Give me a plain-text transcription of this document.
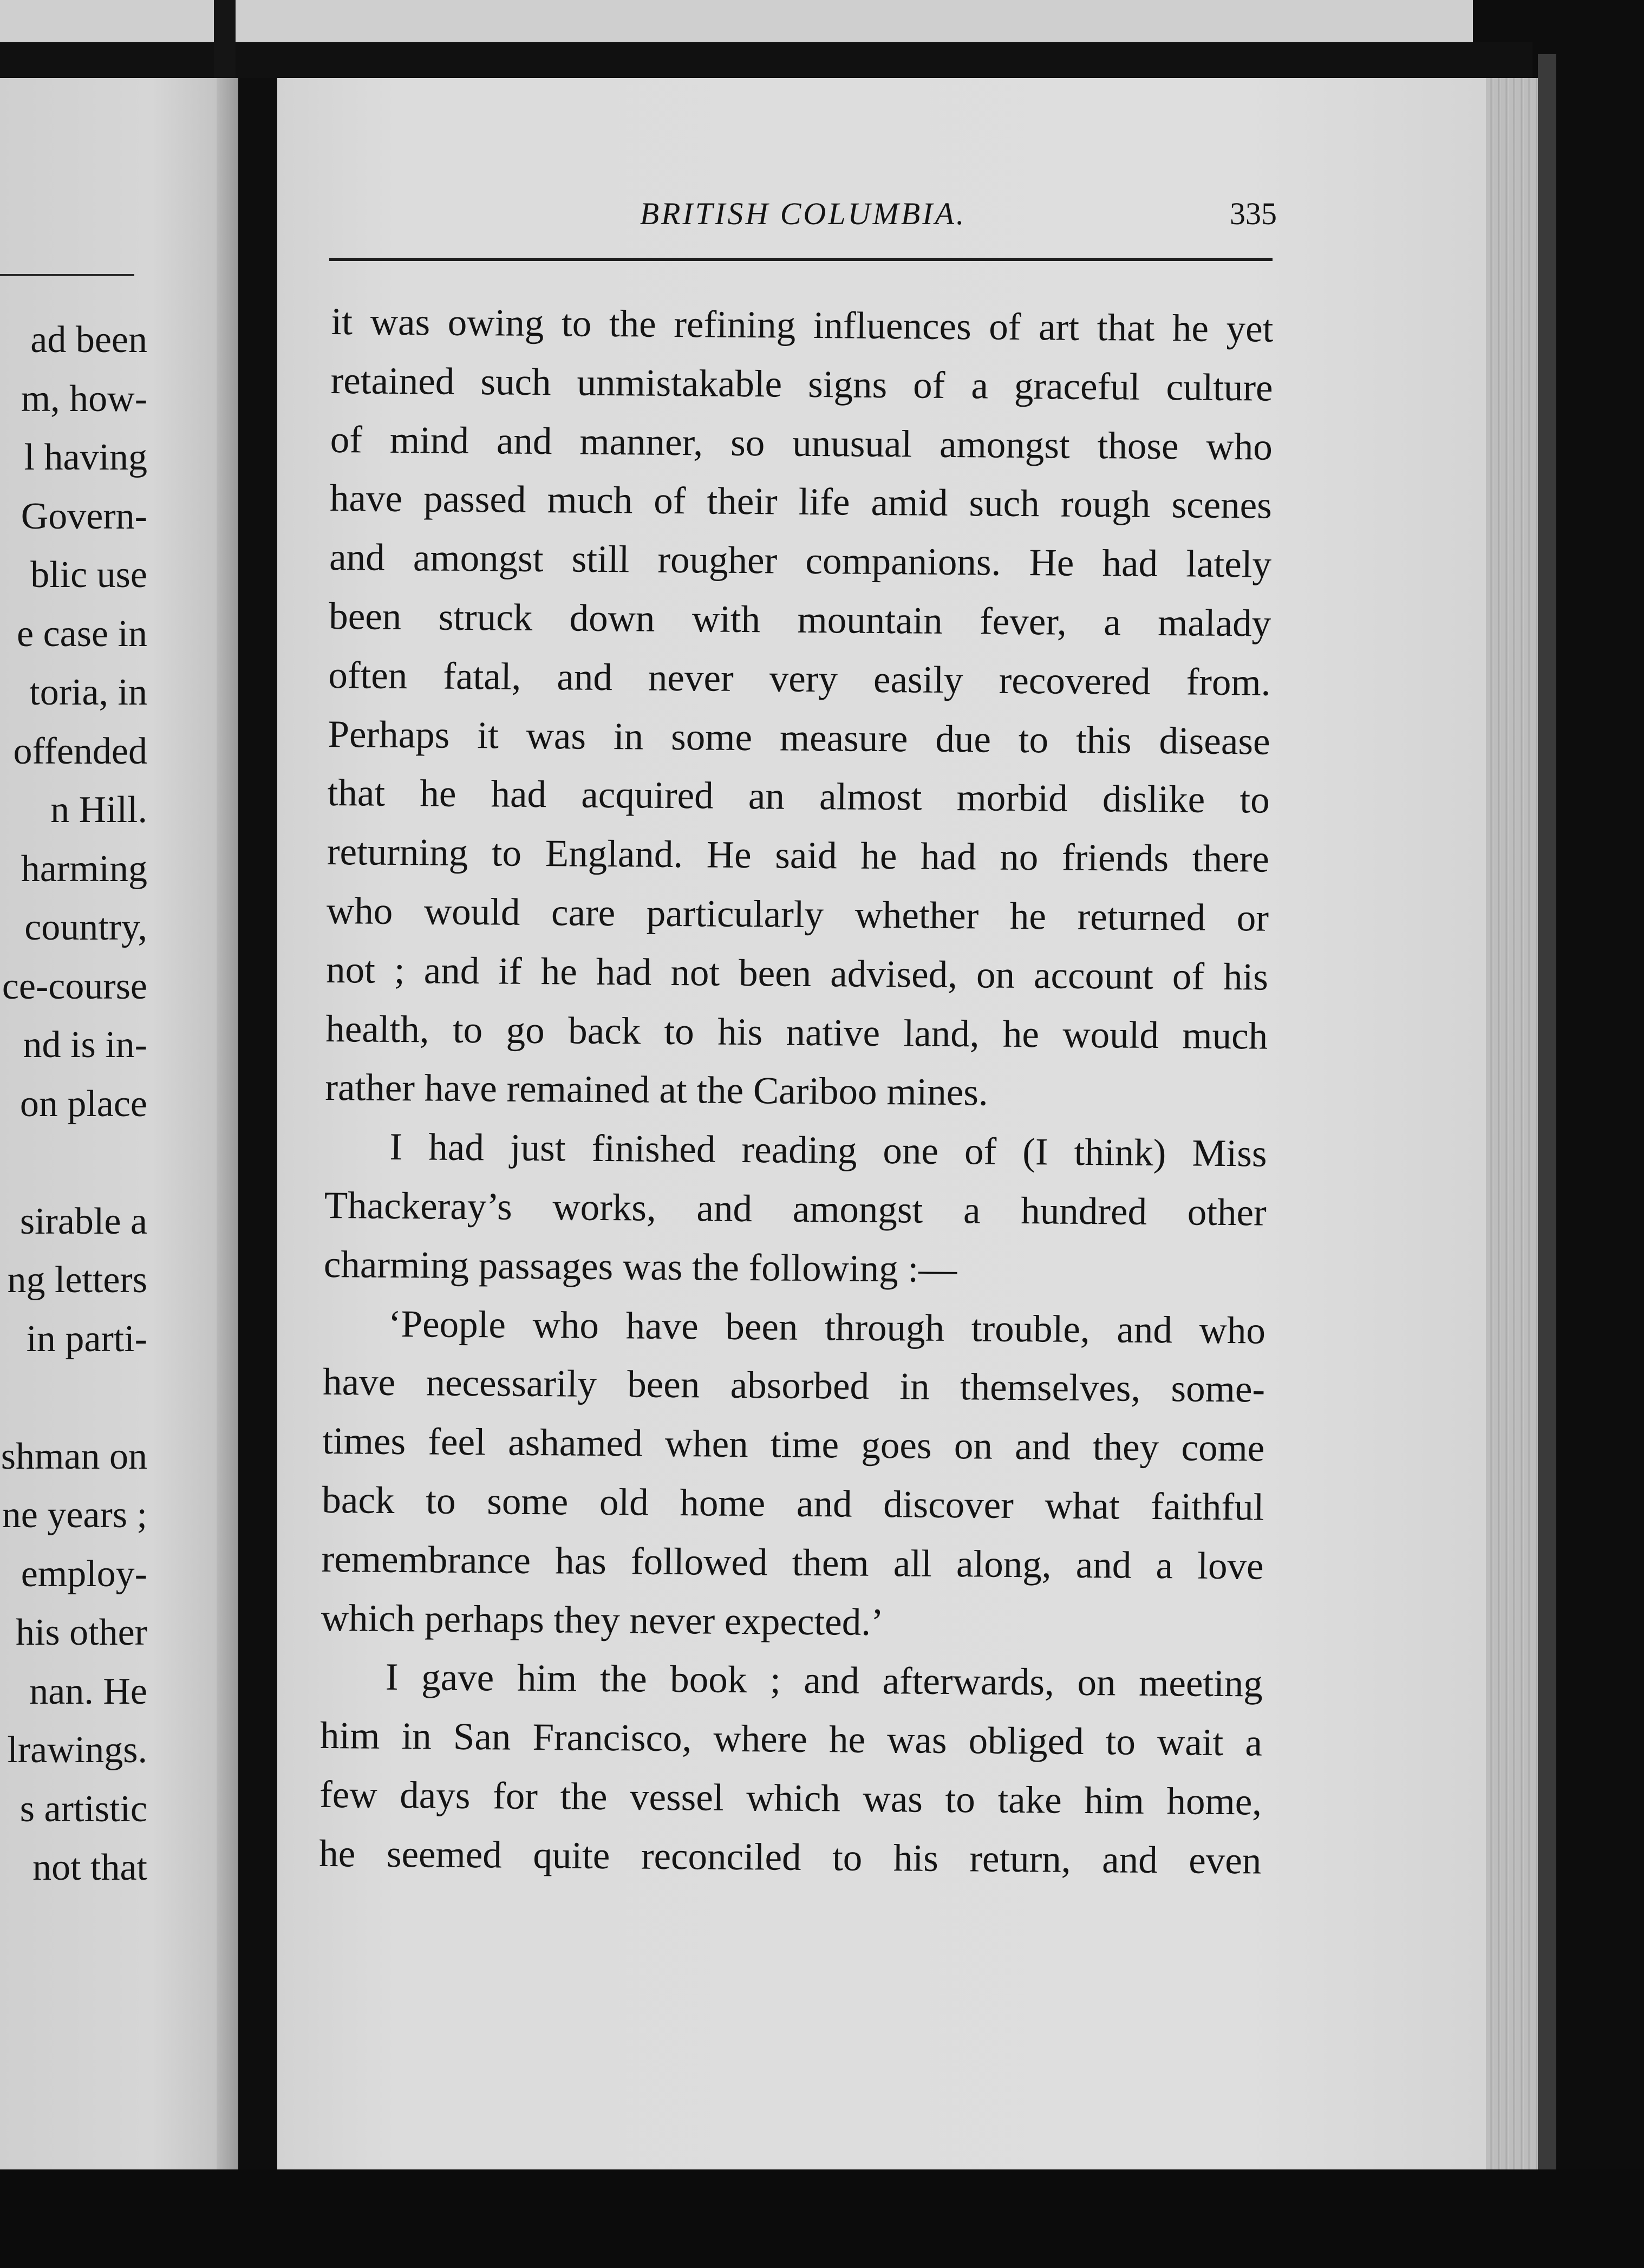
ad been
m, how-
l having
Govern-
blic use
e case in
toria, in
offended
n Hill.
harming
country,
ce-course
nd is in-
on place
sirable a
ng letters
in parti-
shman on
ne years ;
employ-
his other
nan. He
lrawings.
s artistic
not that
BRITISH COLUMBIA.	335
it was owing to the refining influences of art that he yet
retained such unmistakable signs of a graceful culture
of mind and manner, so unusual amongst those who
have passed much of their life amid such rough scenes
and amongst still rougher companions. He had lately
been struck down with mountain fever, a malady
often fatal, and never very easily recovered from.
Perhaps it was in some measure due to this disease
that he had acquired an almost morbid dislike to
returning to England. He said he had no friends there
who would care particularly whether he returned or
not ; and if he had not been advised, on account of his
health, to go back to his native land, he would much
rather have remained at the Cariboo mines.
I had just finished reading one of (I think) Miss
Thackeray’s works, and amongst a hundred other
charming passages was the following :—
‘People who have been through trouble, and who
have necessarily been absorbed in themselves, some-
times feel ashamed when time goes on and they come
back to some old home and discover what faithful
remembrance has followed them all along, and a love
which perhaps they never expected.’
I gave him the book ; and afterwards, on meeting
him in San Francisco, where he was obliged to wait a
few days for the vessel which was to take him home,
he seemed quite reconciled to his return, and even
